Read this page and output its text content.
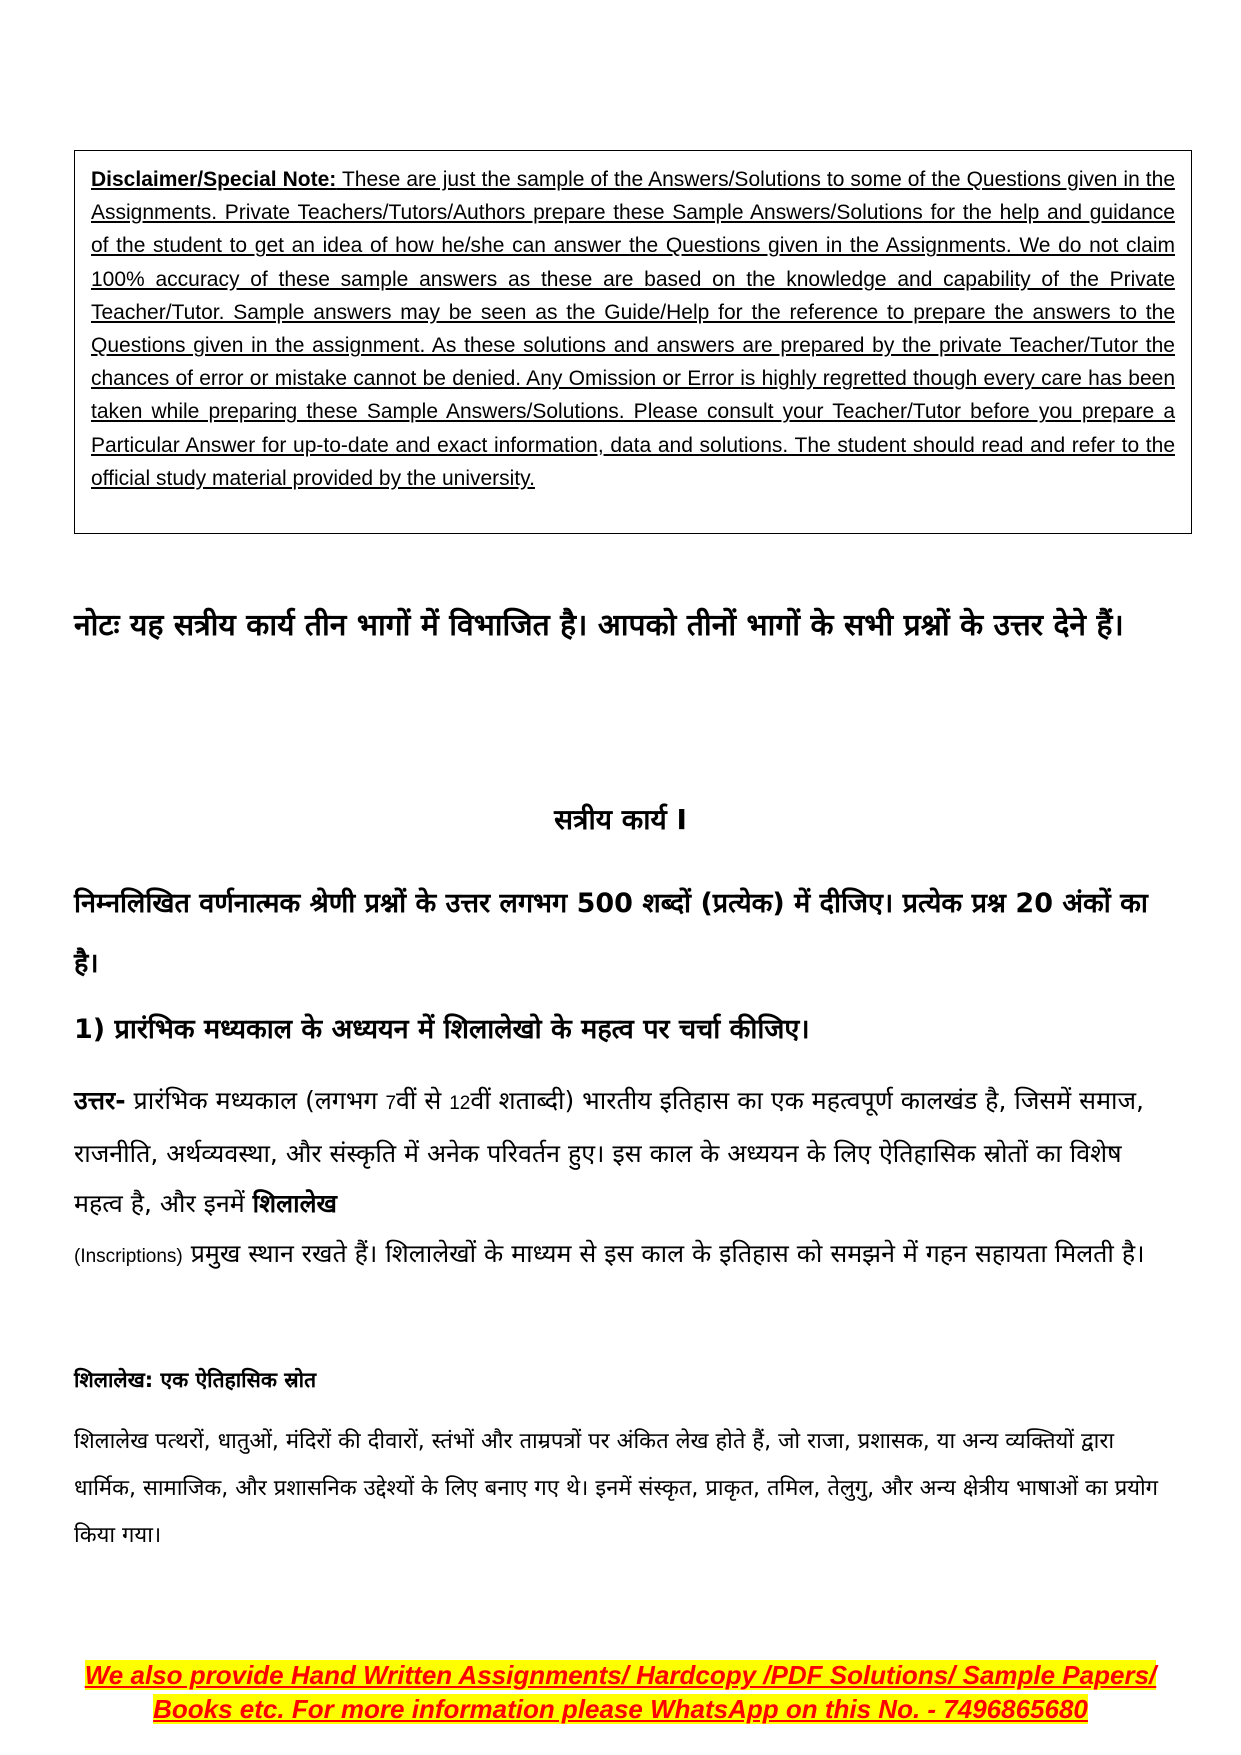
Disclaimer/Special Note: These are just the sample of the Answers/Solutions to some of the Questions given in the Assignments. Private Teachers/Tutors/Authors prepare these Sample Answers/Solutions for the help and guidance of the student to get an idea of how he/she can answer the Questions given in the Assignments. We do not claim 100% accuracy of these sample answers as these are based on the knowledge and capability of the Private Teacher/Tutor. Sample answers may be seen as the Guide/Help for the reference to prepare the answers to the Questions given in the assignment. As these solutions and answers are prepared by the private Teacher/Tutor the chances of error or mistake cannot be denied. Any Omission or Error is highly regretted though every care has been taken while preparing these Sample Answers/Solutions. Please consult your Teacher/Tutor before you prepare a Particular Answer for up-to-date and exact information, data and solutions. The student should read and refer to the official study material provided by the university.
नोटः यह सत्रीय कार्य तीन भागों में विभाजित है। आपको तीनों भागों के सभी प्रश्नों के उत्तर देने हैं।
सत्रीय कार्य I
निम्नलिखित वर्णनात्मक श्रेणी प्रश्नों के उत्तर लगभग 500 शब्दों (प्रत्येक) में दीजिए। प्रत्येक प्रश्न 20 अंकों का है।
1) प्रारंभिक मध्यकाल के अध्ययन में शिलालेखो के महत्व पर चर्चा कीजिए।
उत्तर- प्रारंभिक मध्यकाल (लगभग 7वीं से 12वीं शताब्दी) भारतीय इतिहास का एक महत्वपूर्ण कालखंड है, जिसमें समाज, राजनीति, अर्थव्यवस्था, और संस्कृति में अनेक परिवर्तन हुए। इस काल के अध्ययन के लिए ऐतिहासिक स्रोतों का विशेष महत्व है, और इनमें शिलालेख
(Inscriptions) प्रमुख स्थान रखते हैं। शिलालेखों के माध्यम से इस काल के इतिहास को समझने में गहन सहायता मिलती है।
शिलालेख: एक ऐतिहासिक स्रोत
शिलालेख पत्थरों, धातुओं, मंदिरों की दीवारों, स्तंभों और ताम्रपत्रों पर अंकित लेख होते हैं, जो राजा, प्रशासक, या अन्य व्यक्तियों द्वारा धार्मिक, सामाजिक, और प्रशासनिक उद्देश्यों के लिए बनाए गए थे। इनमें संस्कृत, प्राकृत, तमिल, तेलुगु, और अन्य क्षेत्रीय भाषाओं का प्रयोग किया गया।
We also provide Hand Written Assignments/ Hardcopy /PDF Solutions/ Sample Papers/
Books etc. For more information please WhatsApp on this No. - 7496865680
